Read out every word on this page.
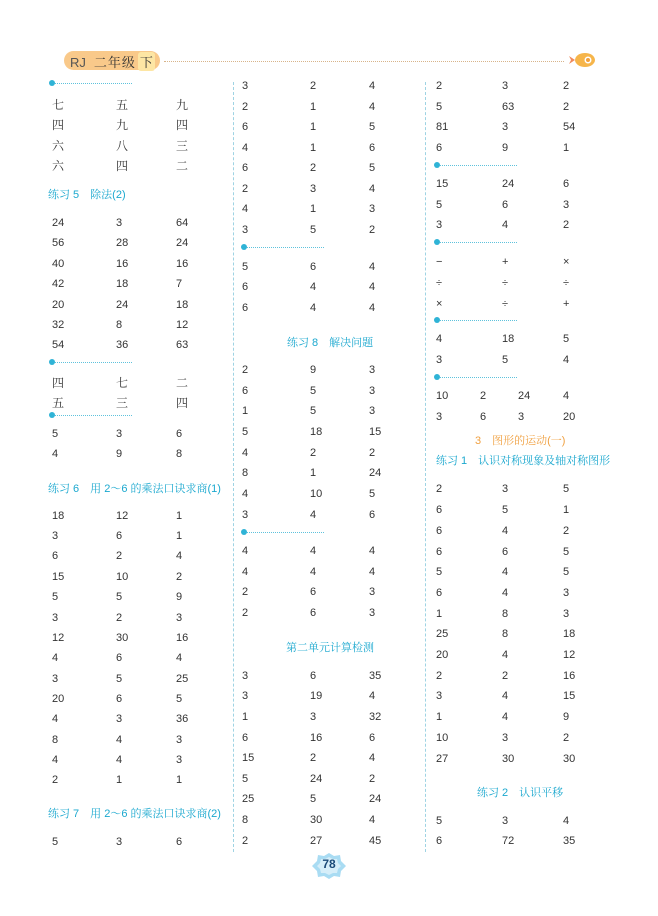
RJ 二年级 下
七	五	九
四	九	四
六	八	三
六	四	二
练习 5　除法(2)
24	3	64
56	28	24
40	16	16
42	18	7
20	24	18
32	8	12
54	36	63
四	七	二
五	三	四
5	3	6
4	9	8
练习 6　用 2～6 的乘法口诀求商(1)
18	12	1
3	6	1
6	2	4
15	10	2
5	5	9
3	2	3
12	30	16
4	6	4
3	5	25
20	6	5
4	3	36
8	4	3
4	4	3
2	1	1
练习 7　用 2～6 的乘法口诀求商(2)
5	3	6
3	2	4
2	1	4
6	1	5
4	1	6
6	2	5
2	3	4
4	1	3
3	5	2
5	6	4
6	4	4
6	4	4
练习 8　解决问题
2	9	3
6	5	3
1	5	3
5	18	15
4	2	2
8	1	24
4	10	5
3	4	6
4	4	4
4	4	4
2	6	3
2	6	3
第二单元计算检测
3	6	35
3	19	4
1	3	32
6	16	6
15	2	4
5	24	2
25	5	24
8	30	4
2	27	45
2	3	2
5	63	2
81	3	54
6	9	1
15	24	6
5	6	3
3	4	2
−	+	×
÷	÷	÷
×	÷	+
4	18	5
3	5	4
10	2	24	4
3	6	3	20
3　图形的运动(一)
练习 1　认识对称现象及轴对称图形
2	3	5
6	5	1
6	4	2
6	6	5
5	4	5
6	4	3
1	8	3
25	8	18
20	4	12
2	2	16
3	4	15
1	4	9
10	3	2
27	30	30
练习 2　认识平移
5	3	4
6	72	35
78
